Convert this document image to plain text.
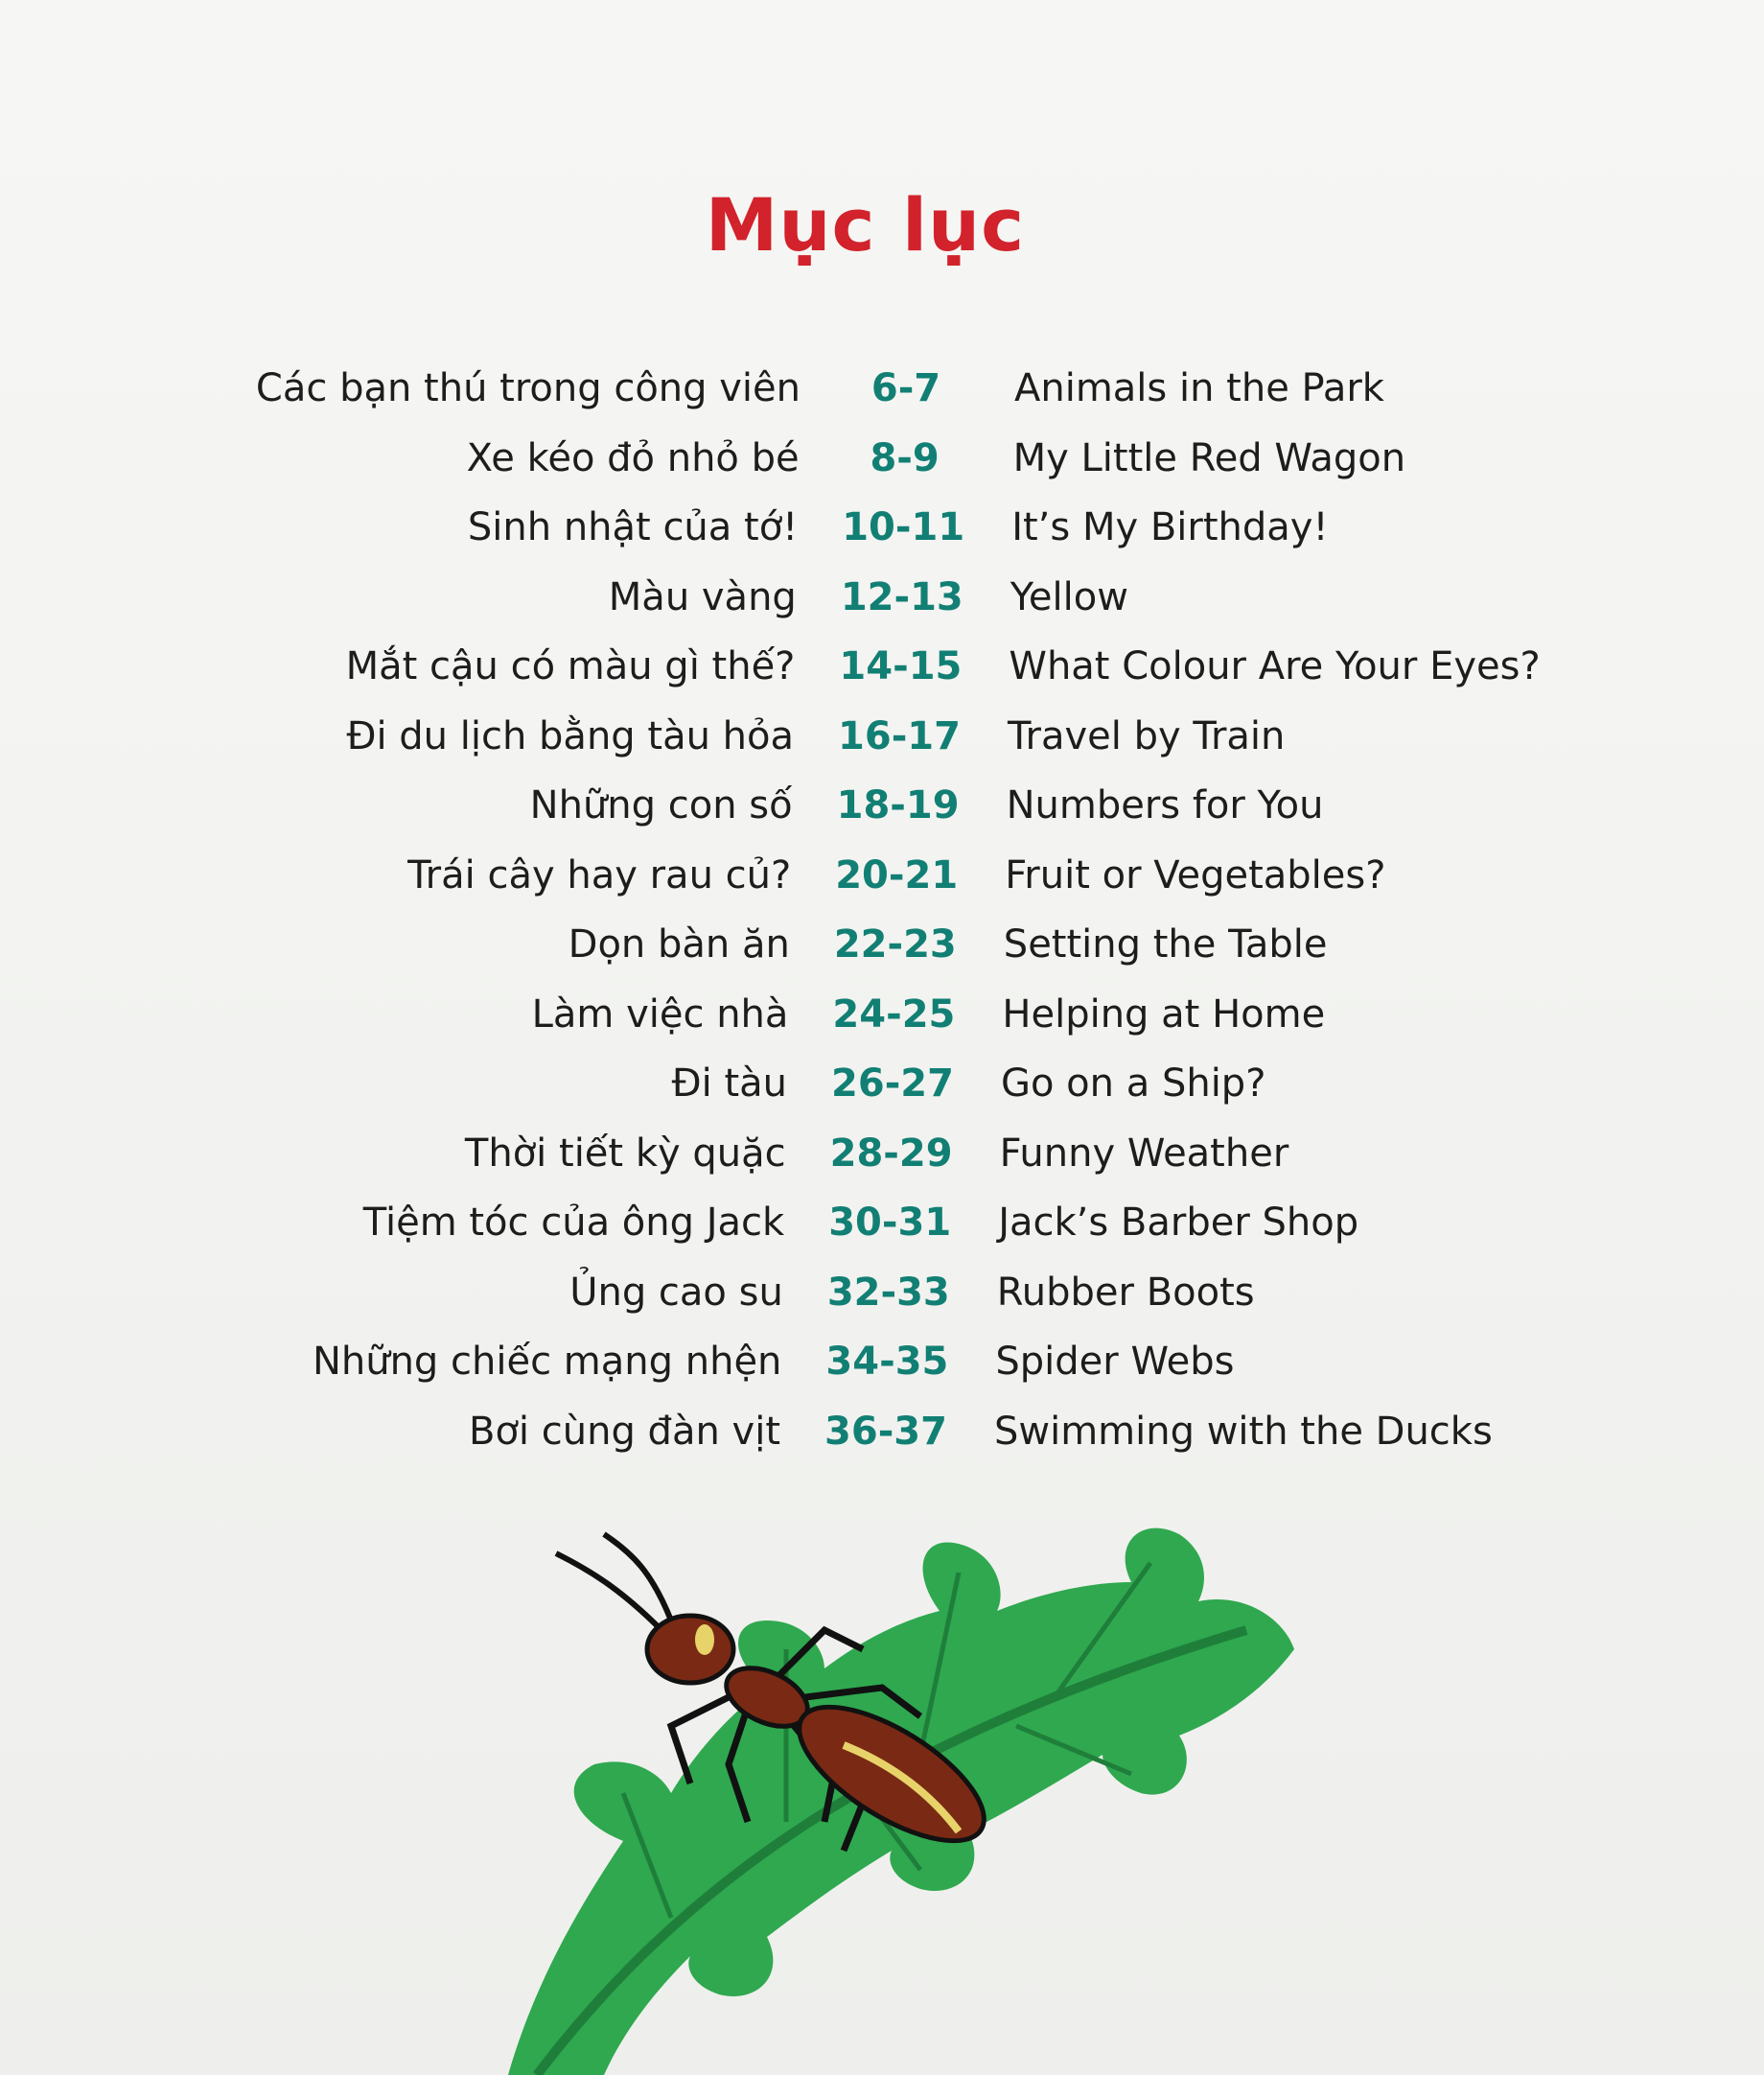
Mục lục
Các bạn thú trong công viên	6-7	Animals in the Park
Xe kéo đỏ nhỏ bé	8-9	My Little Red Wagon
Sinh nhật của tớ!	10-11	It’s My Birthday!
Màu vàng	12-13	Yellow
Mắt cậu có màu gì thế?	14-15	What Colour Are Your Eyes?
Đi du lịch bằng tàu hỏa	16-17	Travel by Train
Những con số	18-19	Numbers for You
Trái cây hay rau củ?	20-21	Fruit or Vegetables?
Dọn bàn ăn	22-23	Setting the Table
Làm việc nhà	24-25	Helping at Home
Đi tàu	26-27	Go on a Ship?
Thời tiết kỳ quặc	28-29	Funny Weather
Tiệm tóc của ông Jack	30-31	Jack’s Barber Shop
Ủng cao su	32-33	Rubber Boots
Những chiếc mạng nhện	34-35	Spider Webs
Bơi cùng đàn vịt	36-37	Swimming with the Ducks
